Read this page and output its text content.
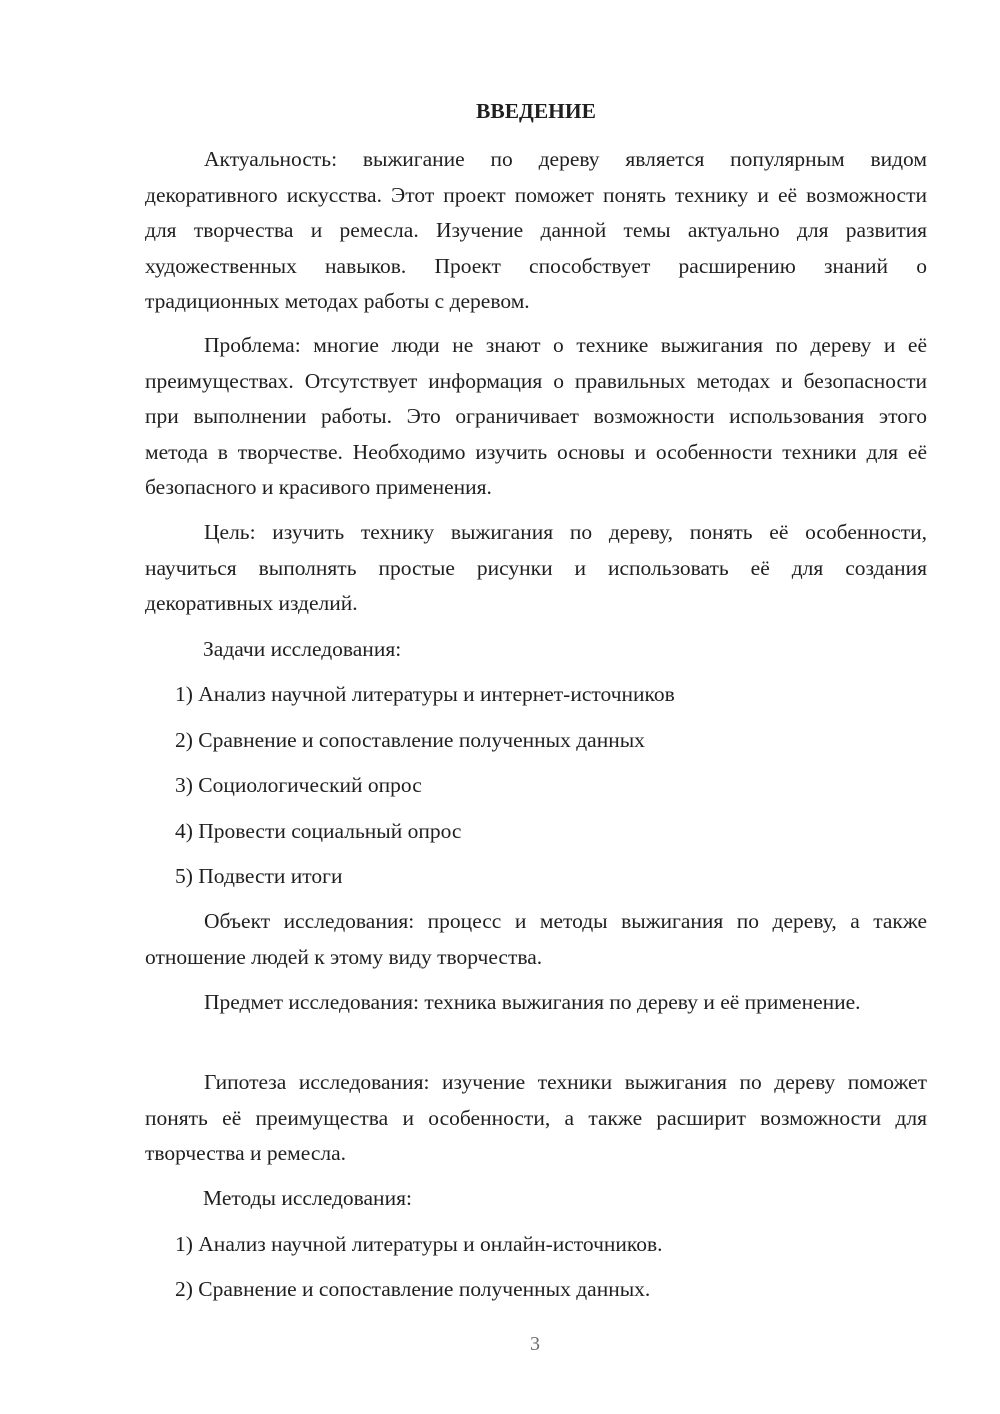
ВВЕДЕНИЕ

Актуальность: выжигание по дереву является популярным видом декоративного искусства. Этот проект поможет понять технику и её возможности для творчества и ремесла. Изучение данной темы актуально для развития художественных навыков. Проект способствует расширению знаний о традиционных методах работы с деревом.

Проблема: многие люди не знают о технике выжигания по дереву и её преимуществах. Отсутствует информация о правильных методах и безопасности при выполнении работы. Это ограничивает возможности использования этого метода в творчестве. Необходимо изучить основы и особенности техники для её безопасного и красивого применения.

Цель: изучить технику выжигания по дереву, понять её особенности, научиться выполнять простые рисунки и использовать её для создания декоративных изделий.

Задачи исследования:
1) Анализ научной литературы и интернет-источников
2) Сравнение и сопоставление полученных данных
3) Социологический опрос
4) Провести социальный опрос
5) Подвести итоги

Объект исследования: процесс и методы выжигания по дереву, а также отношение людей к этому виду творчества.

Предмет исследования: техника выжигания по дереву и её применение.

Гипотеза исследования: изучение техники выжигания по дереву поможет понять её преимущества и особенности, а также расширит возможности для творчества и ремесла.

Методы исследования:
1) Анализ научной литературы и онлайн-источников.
2) Сравнение и сопоставление полученных данных.
3
